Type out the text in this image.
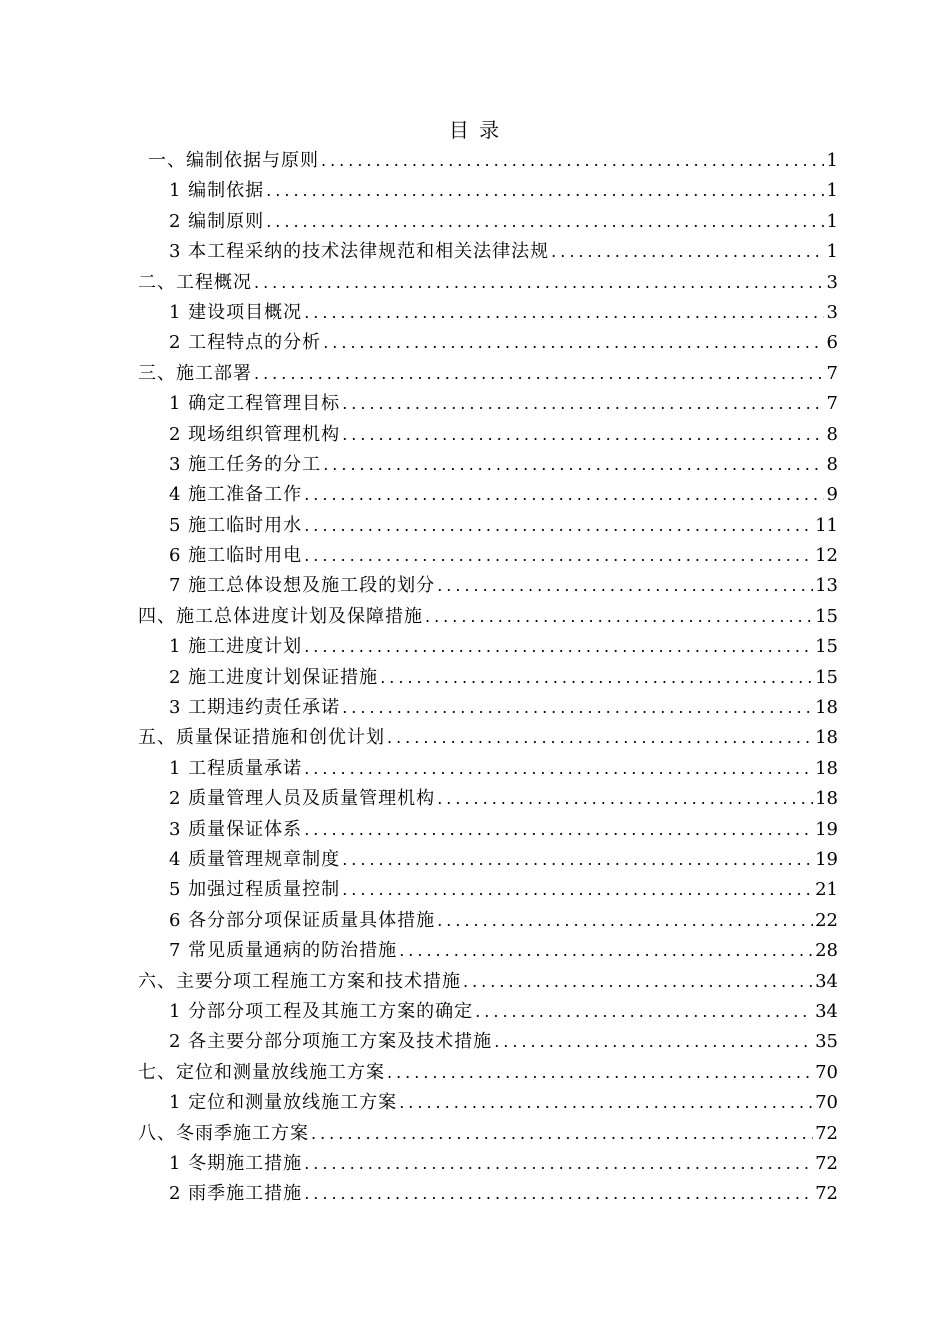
目 录
一、编制依据与原则 .....	1
1 编制依据 .....	1
2 编制原则 .....	1
3 本工程采纳的技术法律规范和相关法律法规 .....	1
二、工程概况 .....	3
1 建设项目概况 .....	3
2 工程特点的分析 .....	6
三、施工部署 .....	7
1 确定工程管理目标 .....	7
2 现场组织管理机构 .....	8
3 施工任务的分工 .....	8
4 施工准备工作 .....	9
5 施工临时用水 .....	11
6 施工临时用电 .....	12
7 施工总体设想及施工段的划分 .....	13
四、施工总体进度计划及保障措施 .....	15
1 施工进度计划 .....	15
2 施工进度计划保证措施 .....	15
3 工期违约责任承诺 .....	18
五、质量保证措施和创优计划 .....	18
1 工程质量承诺 .....	18
2 质量管理人员及质量管理机构 .....	18
3 质量保证体系 .....	19
4 质量管理规章制度 .....	19
5 加强过程质量控制 .....	21
6 各分部分项保证质量具体措施 .....	22
7 常见质量通病的防治措施 .....	28
六、主要分项工程施工方案和技术措施 .....	34
1 分部分项工程及其施工方案的确定 .....	34
2 各主要分部分项施工方案及技术措施 .....	35
七、定位和测量放线施工方案 .....	70
1 定位和测量放线施工方案 .....	70
八、冬雨季施工方案 .....	72
1 冬期施工措施 .....	72
2 雨季施工措施 .....	72
